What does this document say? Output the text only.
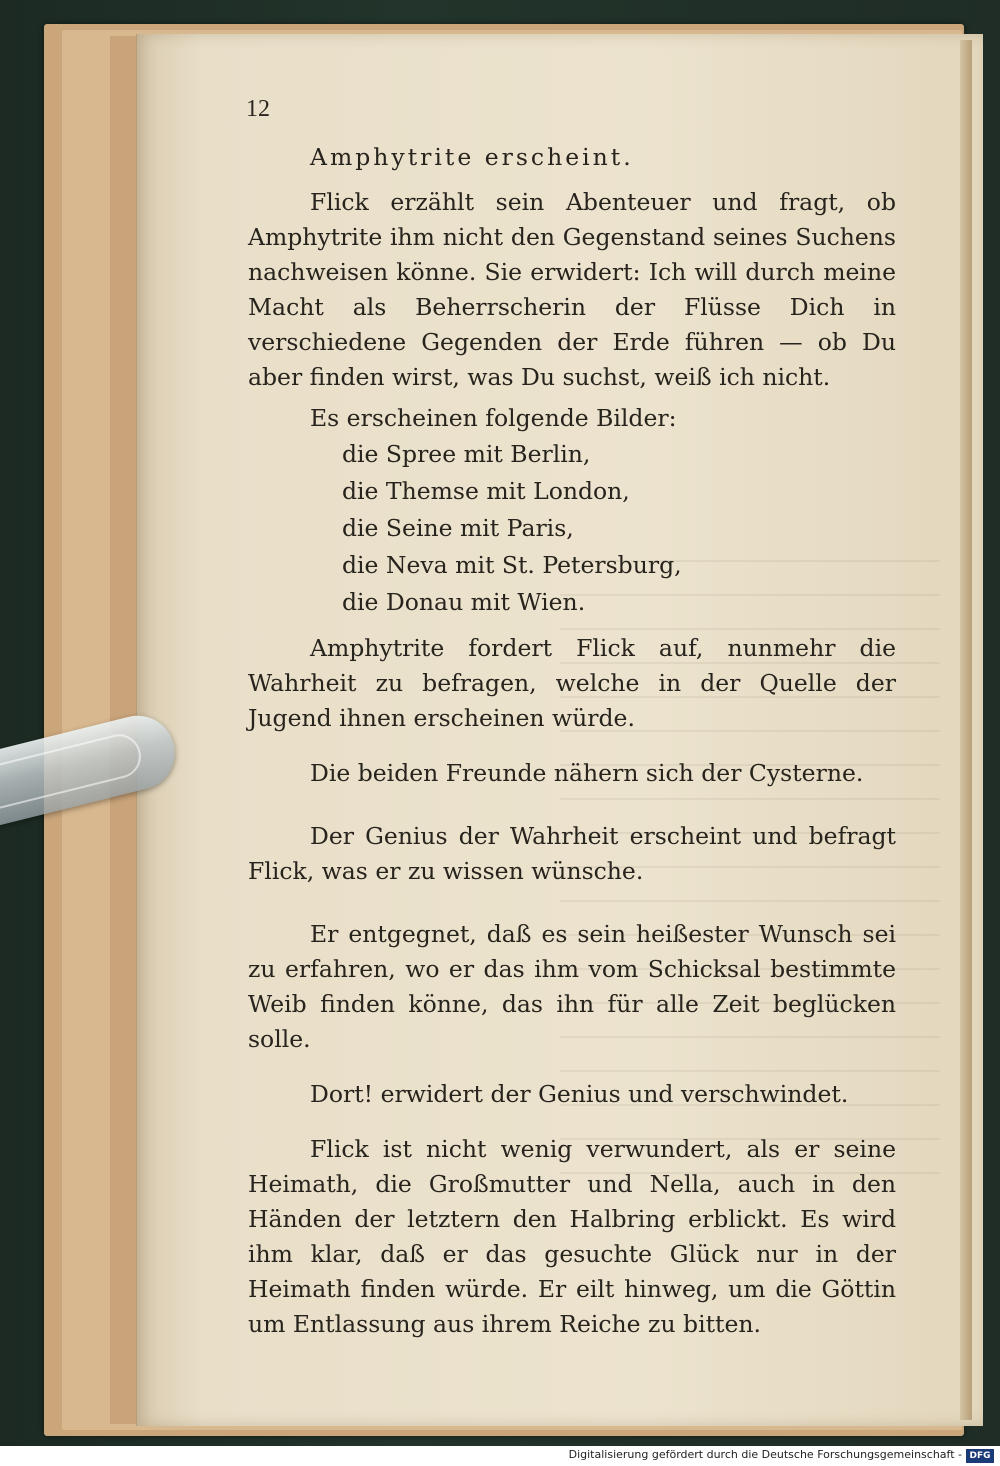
12

Amphytrite erscheint.

Flick erzählt sein Abenteuer und fragt, ob Amphytrite ihm nicht den Gegenstand seines Suchens nachweisen könne. Sie erwidert: Ich will durch meine Macht als Beherrscherin der Flüsse Dich in verschiedene Gegenden der Erde führen — ob Du aber finden wirst, was Du suchst, weiß ich nicht.

Es erscheinen folgende Bilder:

die Spree mit Berlin,
die Themse mit London,
die Seine mit Paris,
die Neva mit St. Petersburg,
die Donau mit Wien.

Amphytrite fordert Flick auf, nunmehr die Wahrheit zu befragen, welche in der Quelle der Jugend ihnen erscheinen würde.

Die beiden Freunde nähern sich der Cysterne.

Der Genius der Wahrheit erscheint und befragt Flick, was er zu wissen wünsche.

Er entgegnet, daß es sein heißester Wunsch sei zu erfahren, wo er das ihm vom Schicksal bestimmte Weib finden könne, das ihn für alle Zeit beglücken solle.

Dort! erwidert der Genius und verschwindet.

Flick ist nicht wenig verwundert, als er seine Heimath, die Großmutter und Nella, auch in den Händen der letztern den Halbring erblickt. Es wird ihm klar, daß er das gesuchte Glück nur in der Heimath finden würde. Er eilt hinweg, um die Göttin um Entlassung aus ihrem Reiche zu bitten.

Digitalisierung gefördert durch die Deutsche Forschungsgemeinschaft - DFG
